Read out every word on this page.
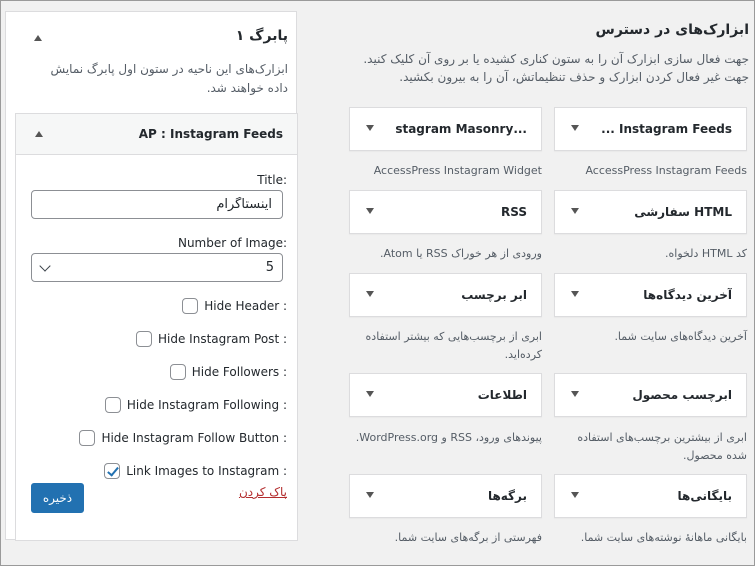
ابزارک‌های در دسترس
جهت فعال سازی ابزارک آن را به ستون کناری کشیده یا بر روی آن کلیک کنید. جهت غیر فعال کردن ابزارک و حذف تنظیماتش، آن را به بیرون بکشید.
Instagram Feeds ...
AccessPress Instagram Feeds
...stagram Masonry
AccessPress Instagram Widget
HTML سفارشی
کد HTML دلخواه.
RSS
ورودی از هر خوراک RSS یا Atom.
آخرین دیدگاه‌ها
آخرین دیدگاه‌های سایت شما.
ابر برچسب
ابری از برچسب‌هایی که بیشتر استفاده کرده‌اید.
ابرچسب محصول
ابری از بیشترین برچسب‌های استفاده شده محصول.
اطلاعات
پیوندهای ورود، RSS و WordPress.org.
بایگانی‌ها
بایگانی ماهانهٔ نوشته‌های سایت شما.
برگه‌ها
فهرستی از برگه‌های سایت شما.
پابرگ ۱
ابزارک‌های این ناحیه در ستون اول پابرگ نمایش داده خواهند شد.
AP : Instagram Feeds
Title:
اینستاگرام
Number of Image:
5
Hide Header :
Hide Instagram Post :
Hide Followers :
Hide Instagram Following :
Hide Instagram Follow Button :
Link Images to Instagram :
پاک کردن
ذخیره
